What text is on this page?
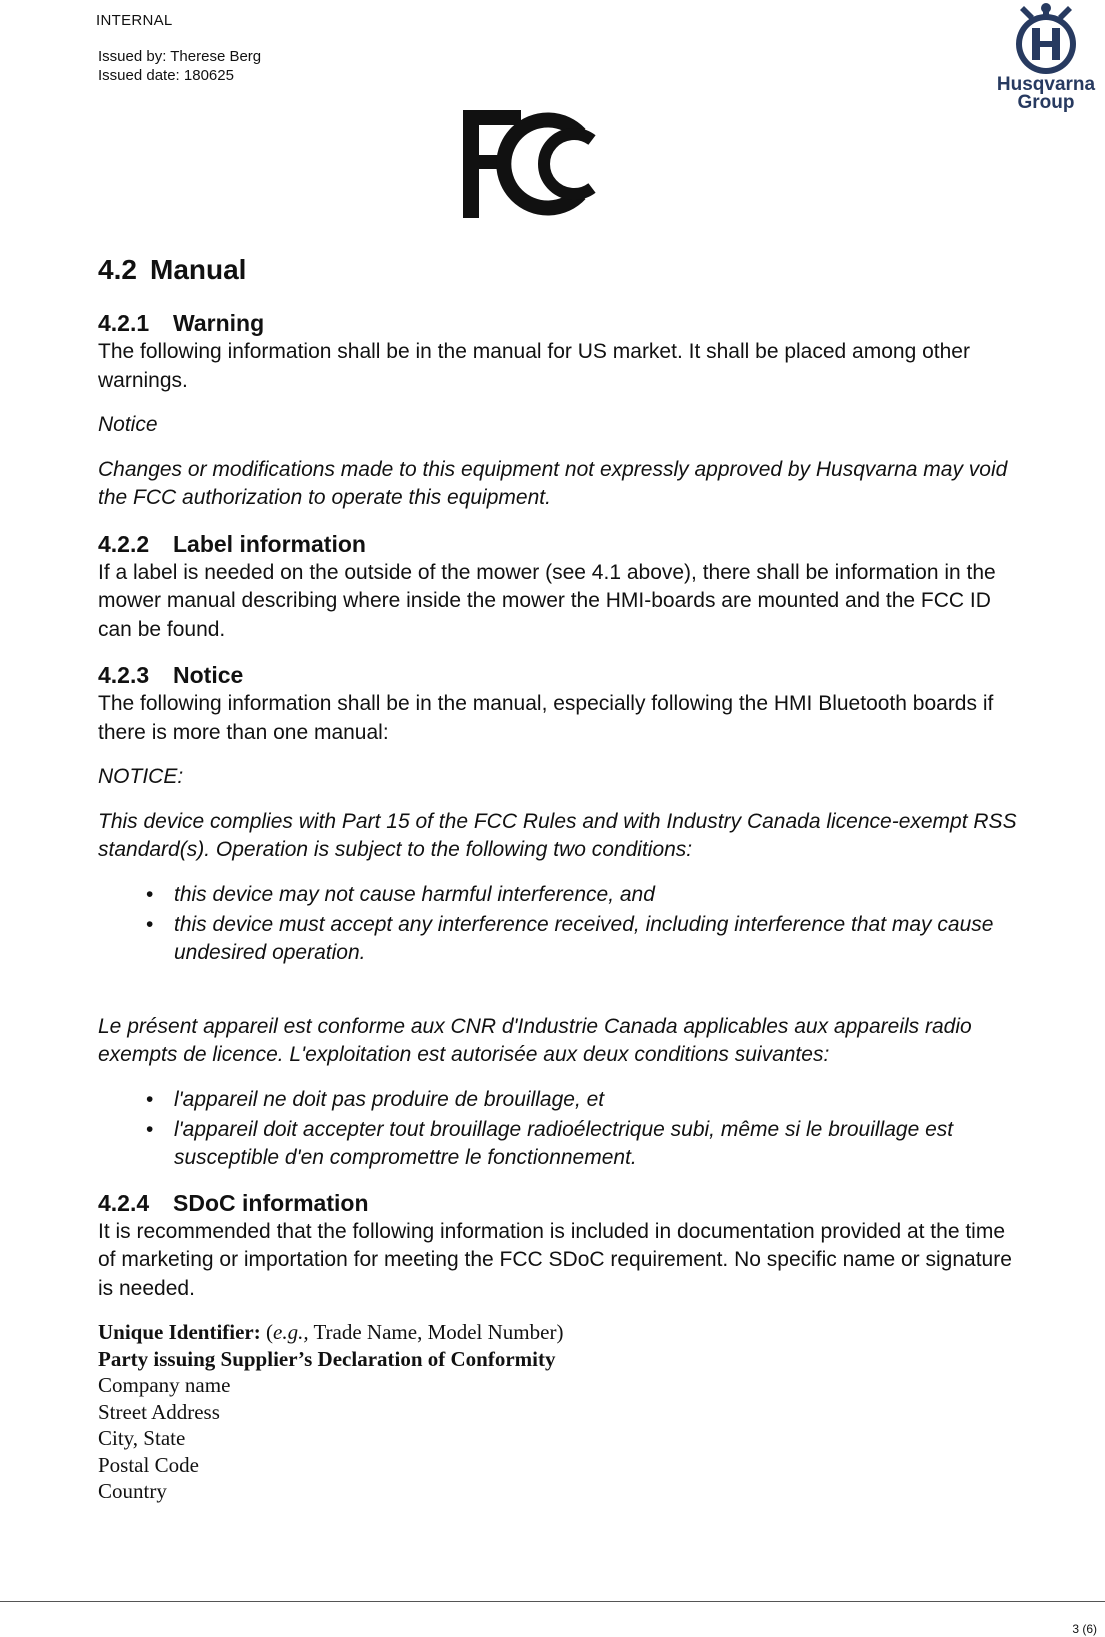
INTERNAL
Issued by: Therese Berg
Issued date: 180625	Husqvarna
Group
4.2 Manual
4.2.1 Warning

The following information shall be in the manual for US market. It shall be placed among other warnings.

Notice

Changes or modifications made to this equipment not expressly approved by Husqvarna may void the FCC authorization to operate this equipment.

4.2.2 Label information

If a label is needed on the outside of the mower (see 4.1 above), there shall be information in the mower manual describing where inside the mower the HMI-boards are mounted and the FCC ID can be found.

4.2.3 Notice

The following information shall be in the manual, especially following the HMI Bluetooth boards if there is more than one manual:

NOTICE:

This device complies with Part 15 of the FCC Rules and with Industry Canada licence-exempt RSS standard(s). Operation is subject to the following two conditions:

• this device may not cause harmful interference, and
• this device must accept any interference received, including interference that may cause undesired operation.

Le présent appareil est conforme aux CNR d'Industrie Canada applicables aux appareils radio exempts de licence. L'exploitation est autorisée aux deux conditions suivantes:

• l'appareil ne doit pas produire de brouillage, et
• l'appareil doit accepter tout brouillage radioélectrique subi, même si le brouillage est susceptible d'en compromettre le fonctionnement.
4.2.4 SDoC information

It is recommended that the following information is included in documentation provided at the time of marketing or importation for meeting the FCC SDoC requirement. No specific name or signature is needed.

Unique Identifier: (e.g., Trade Name, Model Number)
Party issuing Supplier’s Declaration of Conformity
Company name
Street Address
City, State
Postal Code
Country
3 (6)
